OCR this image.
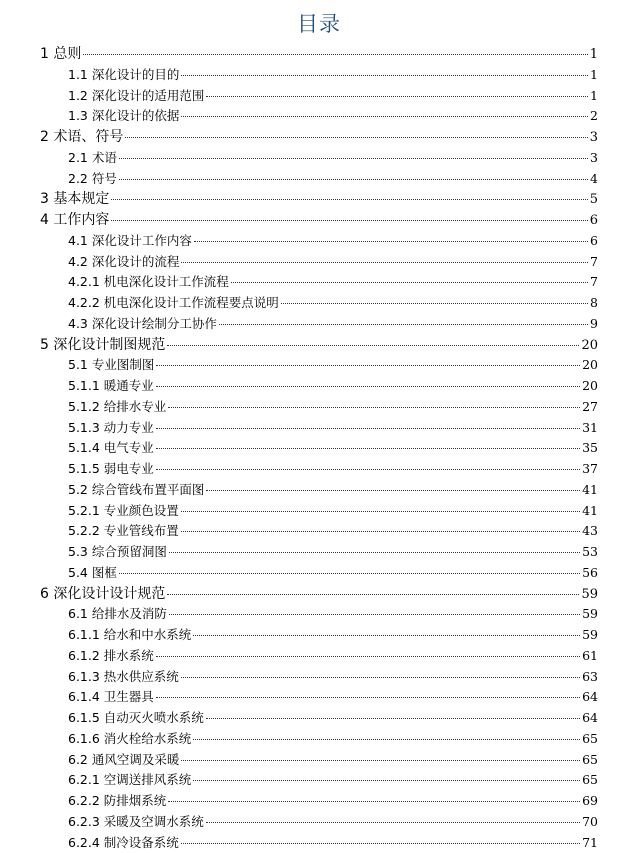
目录
1 总则	1
1.1 深化设计的目的	1
1.2 深化设计的适用范围	1
1.3 深化设计的依据	2
2 术语、符号	3
2.1 术语	3
2.2 符号	4
3 基本规定	5
4 工作内容	6
4.1 深化设计工作内容	6
4.2 深化设计的流程	7
4.2.1 机电深化设计工作流程	7
4.2.2 机电深化设计工作流程要点说明	8
4.3 深化设计绘制分工协作	9
5 深化设计制图规范	20
5.1 专业图制图	20
5.1.1 暖通专业	20
5.1.2 给排水专业	27
5.1.3 动力专业	31
5.1.4 电气专业	35
5.1.5 弱电专业	37
5.2 综合管线布置平面图	41
5.2.1 专业颜色设置	41
5.2.2 专业管线布置	43
5.3 综合预留洞图	53
5.4 图框	56
6 深化设计设计规范	59
6.1 给排水及消防	59
6.1.1 给水和中水系统	59
6.1.2 排水系统	61
6.1.3 热水供应系统	63
6.1.4 卫生器具	64
6.1.5 自动灭火喷水系统	64
6.1.6 消火栓给水系统	65
6.2 通风空调及采暖	65
6.2.1 空调送排风系统	65
6.2.2 防排烟系统	69
6.2.3 采暖及空调水系统	70
6.2.4 制冷设备系统	71
